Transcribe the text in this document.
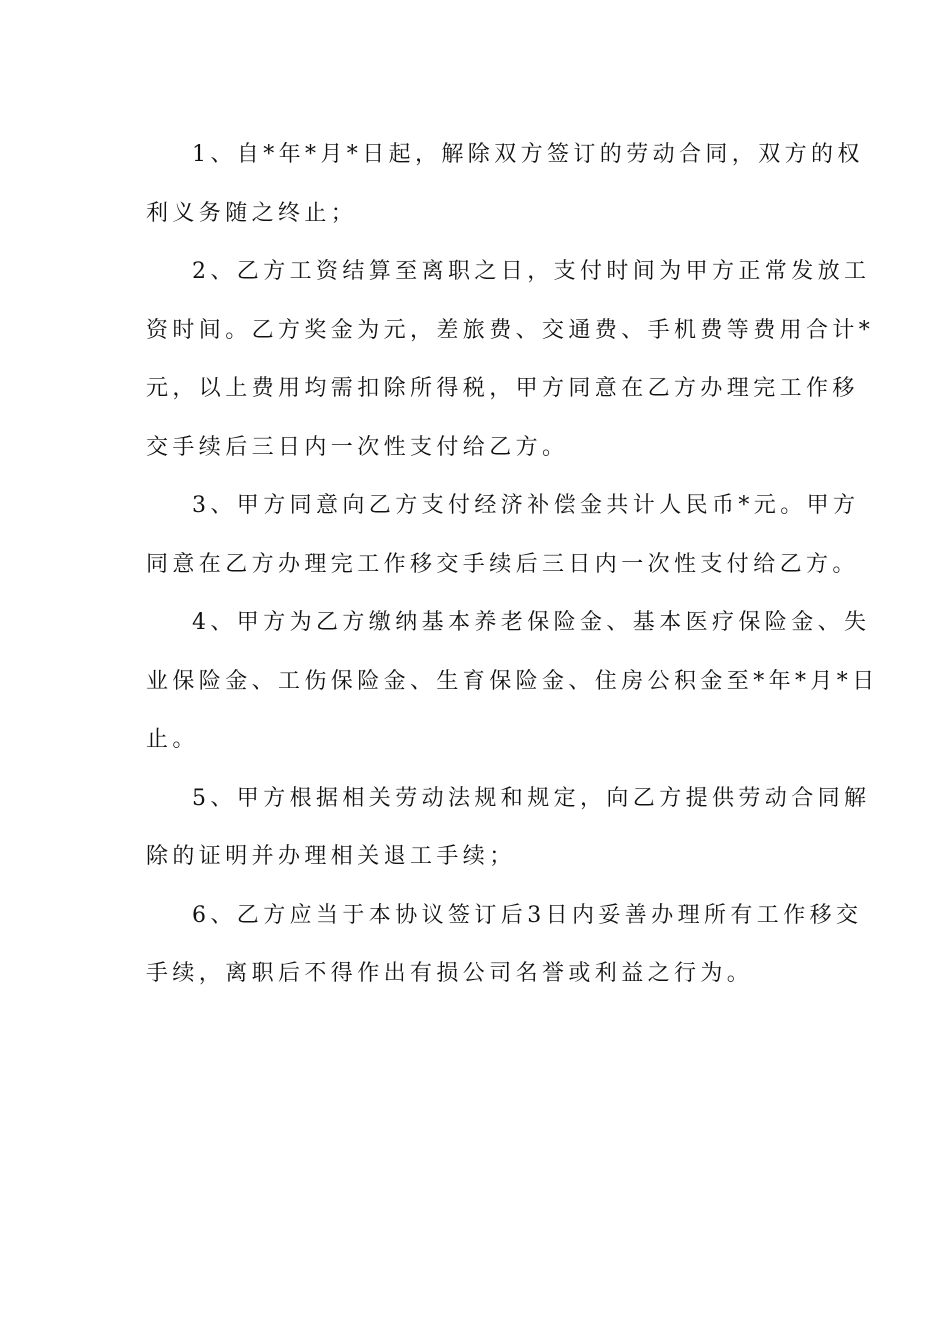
1、自*年*月*日起，解除双方签订的劳动合同，双方的权
利义务随之终止；
2、乙方工资结算至离职之日，支付时间为甲方正常发放工
资时间。乙方奖金为元，差旅费、交通费、手机费等费用合计*
元，以上费用均需扣除所得税，甲方同意在乙方办理完工作移
交手续后三日内一次性支付给乙方。
3、甲方同意向乙方支付经济补偿金共计人民币*元。甲方
同意在乙方办理完工作移交手续后三日内一次性支付给乙方。
4、甲方为乙方缴纳基本养老保险金、基本医疗保险金、失
业保险金、工伤保险金、生育保险金、住房公积金至*年*月*日
止。
5、甲方根据相关劳动法规和规定，向乙方提供劳动合同解
除的证明并办理相关退工手续；
6、乙方应当于本协议签订后3日内妥善办理所有工作移交
手续，离职后不得作出有损公司名誉或利益之行为。
